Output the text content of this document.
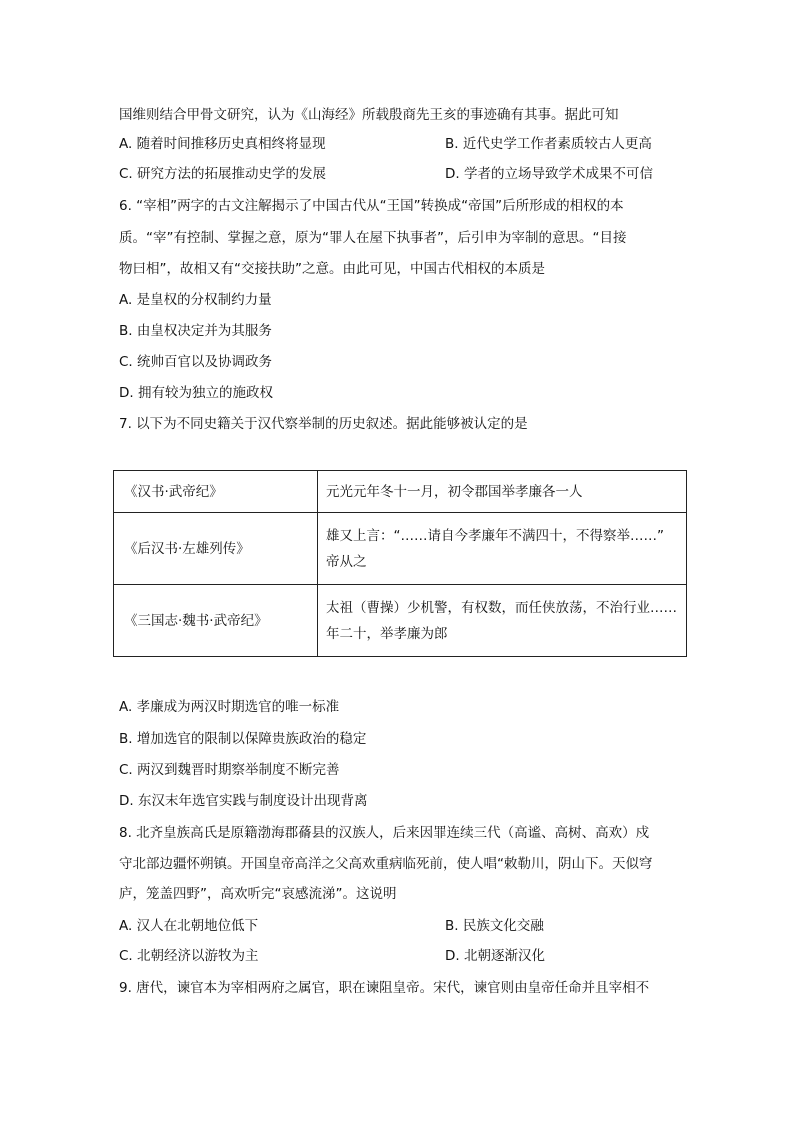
国维则结合甲骨文研究，认为《山海经》所载殷商先王亥的事迹确有其事。据此可知
A. 随着时间推移历史真相终将显现	B. 近代史学工作者素质较古人更高
C. 研究方法的拓展推动史学的发展	D. 学者的立场导致学术成果不可信
6. “宰相”两字的古文注解揭示了中国古代从“王国”转换成“帝国”后所形成的相权的本
质。“宰”有控制、掌握之意，原为“罪人在屋下执事者”，后引申为宰制的意思。“目接
物曰相”，故相又有“交接扶助”之意。由此可见，中国古代相权的本质是
A. 是皇权的分权制约力量
B. 由皇权决定并为其服务
C. 统帅百官以及协调政务
D. 拥有较为独立的施政权
7. 以下为不同史籍关于汉代察举制的历史叙述。据此能够被认定的是
《汉书·武帝纪》	元光元年冬十一月，初令郡国举孝廉各一人
《后汉书·左雄列传》	雄又上言：“……请自今孝廉年不满四十，不得察举……”
帝从之

《三国志·魏书·武帝纪》	太祖（曹操）少机警，有权数，而任侠放荡，不治行业……
年二十，举孝廉为郎
A. 孝廉成为两汉时期选官的唯一标准
B. 增加选官的限制以保障贵族政治的稳定
C. 两汉到魏晋时期察举制度不断完善
D. 东汉末年选官实践与制度设计出现背离
8. 北齐皇族高氏是原籍渤海郡蓨县的汉族人，后来因罪连续三代（高谧、高树、高欢）戍
守北部边疆怀朔镇。开国皇帝高洋之父高欢重病临死前，使人唱“敕勒川，阴山下。天似穹
庐，笼盖四野”，高欢听完“哀感流涕”。这说明
A. 汉人在北朝地位低下	B. 民族文化交融
C. 北朝经济以游牧为主	D. 北朝逐渐汉化
9. 唐代，谏官本为宰相两府之属官，职在谏阻皇帝。宋代，谏官则由皇帝任命并且宰相不
